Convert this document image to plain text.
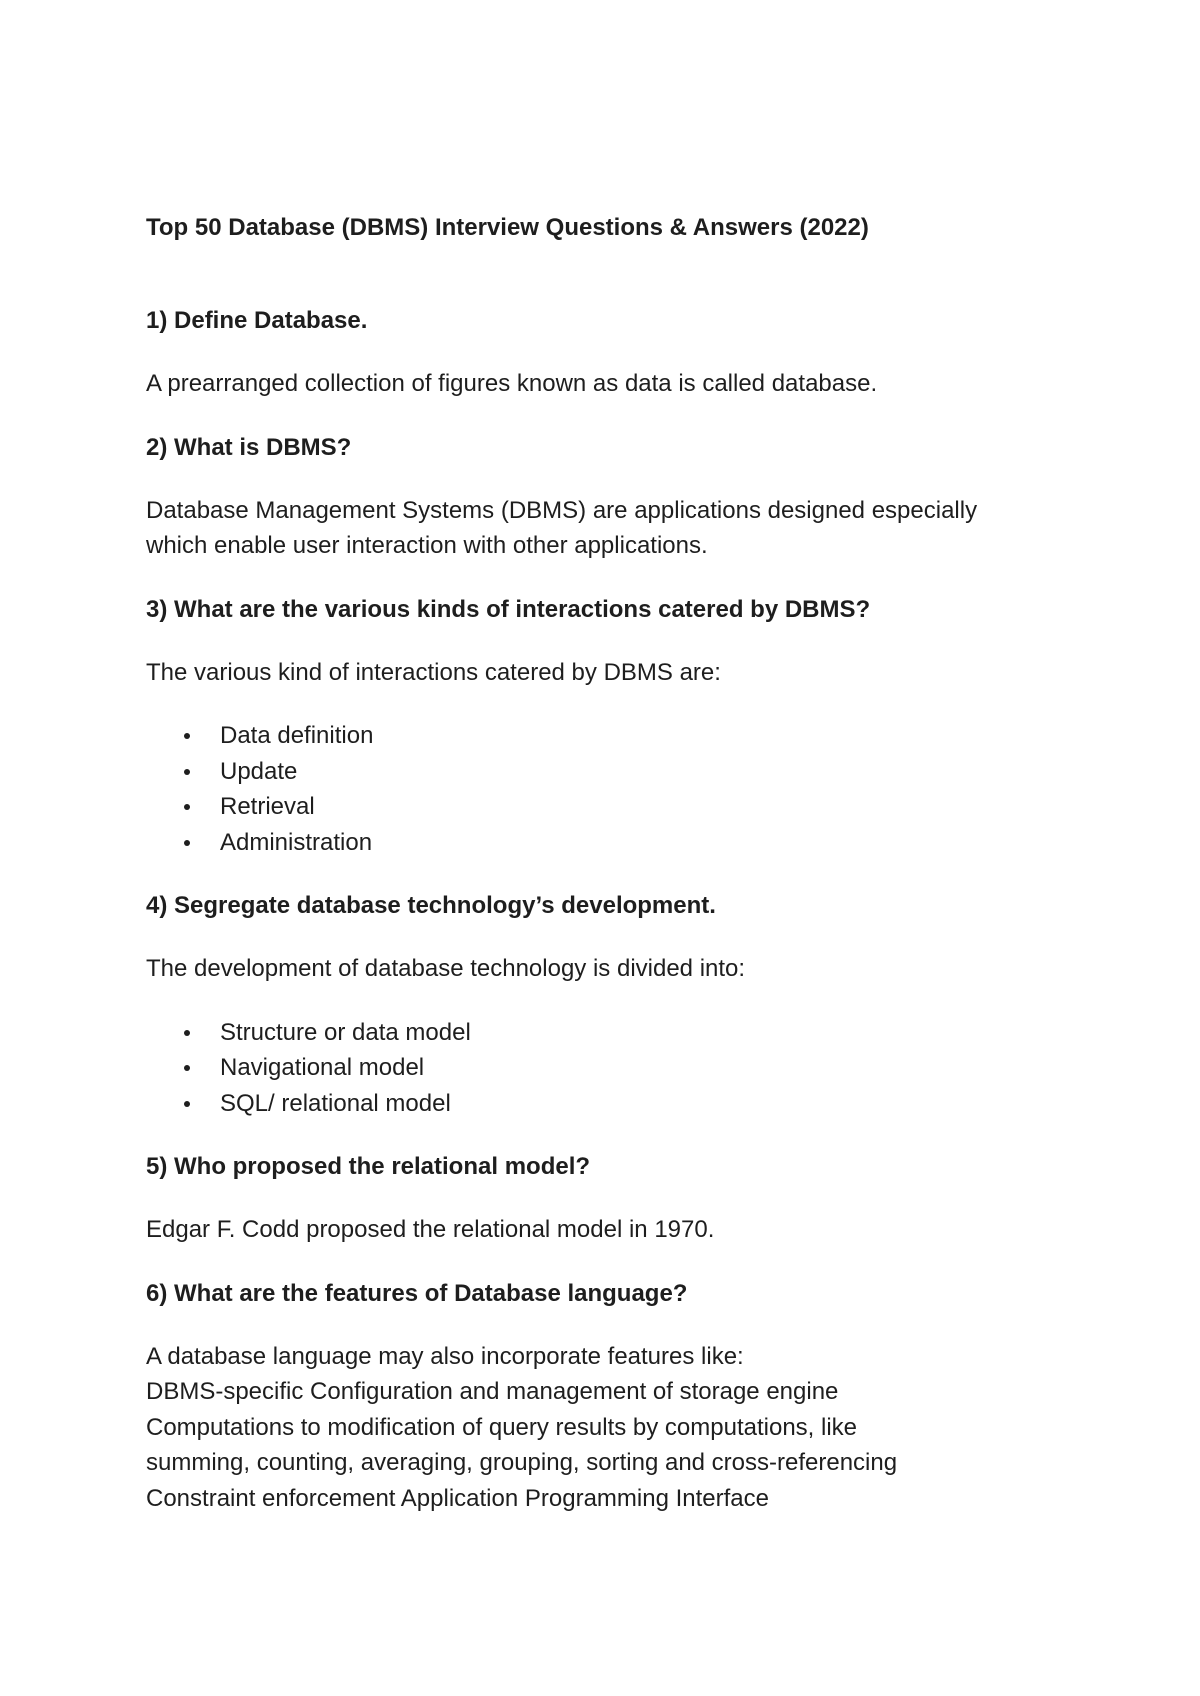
Top 50 Database (DBMS) Interview Questions & Answers (2022)

1) Define Database.

A prearranged collection of figures known as data is called database.

2) What is DBMS?

Database Management Systems (DBMS) are applications designed especially
which enable user interaction with other applications.

3) What are the various kinds of interactions catered by DBMS?

The various kind of interactions catered by DBMS are:

Data definition
Update
Retrieval
Administration

4) Segregate database technology’s development.

The development of database technology is divided into:

Structure or data model
Navigational model
SQL/ relational model

5) Who proposed the relational model?

Edgar F. Codd proposed the relational model in 1970.

6) What are the features of Database language?

A database language may also incorporate features like:
DBMS-specific Configuration and management of storage engine
Computations to modification of query results by computations, like
summing, counting, averaging, grouping, sorting and cross-referencing
Constraint enforcement Application Programming Interface
